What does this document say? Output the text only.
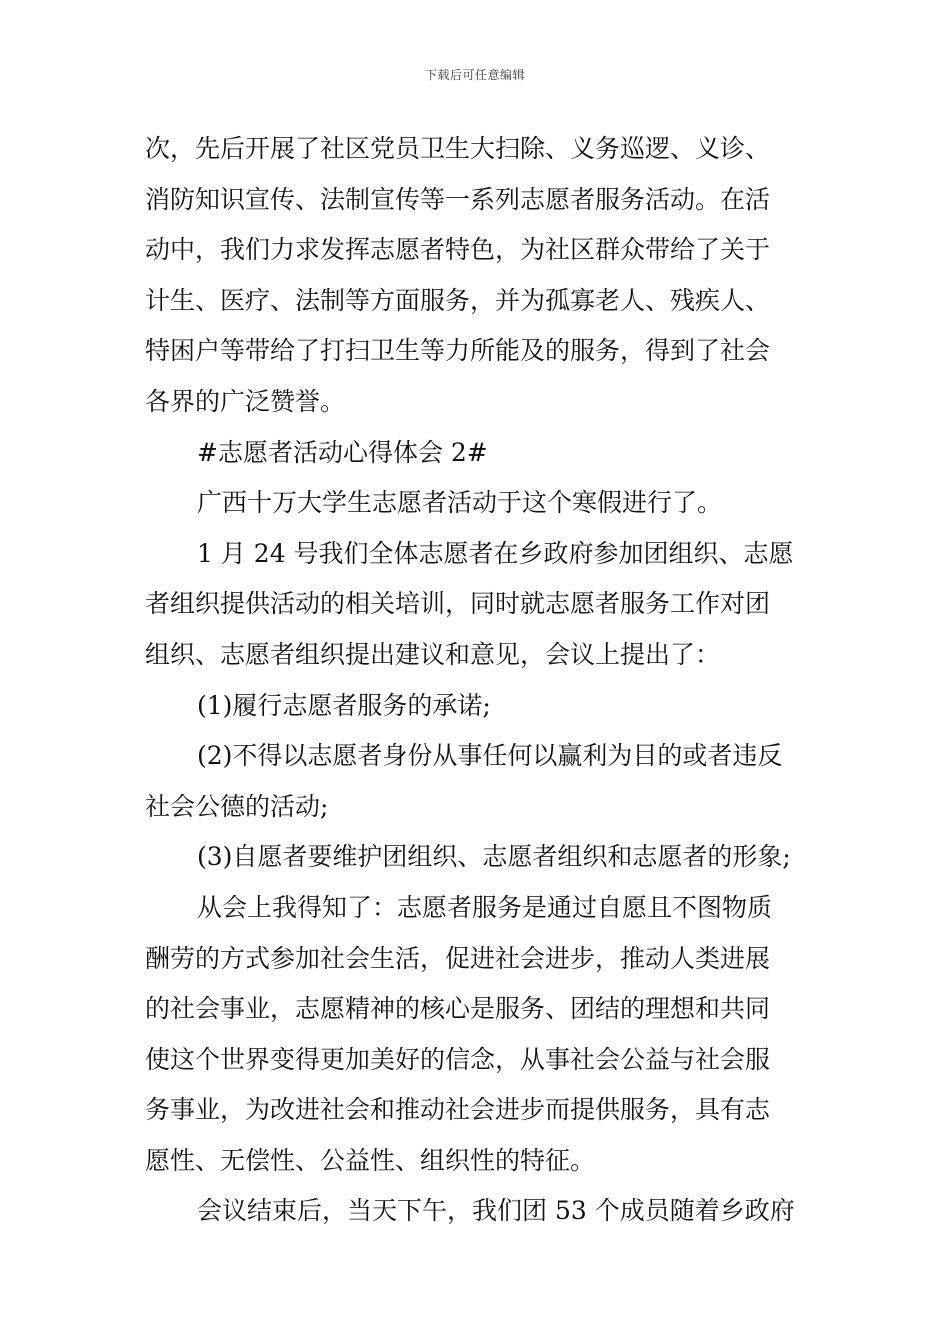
下载后可任意编辑
次，先后开展了社区党员卫生大扫除、义务巡逻、义诊、
消防知识宣传、法制宣传等一系列志愿者服务活动。在活
动中，我们力求发挥志愿者特色，为社区群众带给了关于
计生、医疗、法制等方面服务，并为孤寡老人、残疾人、
特困户等带给了打扫卫生等力所能及的服务，得到了社会
各界的广泛赞誉。
#志愿者活动心得体会 2#
广西十万大学生志愿者活动于这个寒假进行了。
1 月 24 号我们全体志愿者在乡政府参加团组织、志愿
者组织提供活动的相关培训，同时就志愿者服务工作对团
组织、志愿者组织提出建议和意见，会议上提出了：
(1)履行志愿者服务的承诺;
(2)不得以志愿者身份从事任何以赢利为目的或者违反
社会公德的活动;
(3)自愿者要维护团组织、志愿者组织和志愿者的形象;
从会上我得知了：志愿者服务是通过自愿且不图物质
酬劳的方式参加社会生活，促进社会进步，推动人类进展
的社会事业，志愿精神的核心是服务、团结的理想和共同
使这个世界变得更加美好的信念，从事社会公益与社会服
务事业，为改进社会和推动社会进步而提供服务，具有志
愿性、无偿性、公益性、组织性的特征。
会议结束后，当天下午，我们团 53 个成员随着乡政府
